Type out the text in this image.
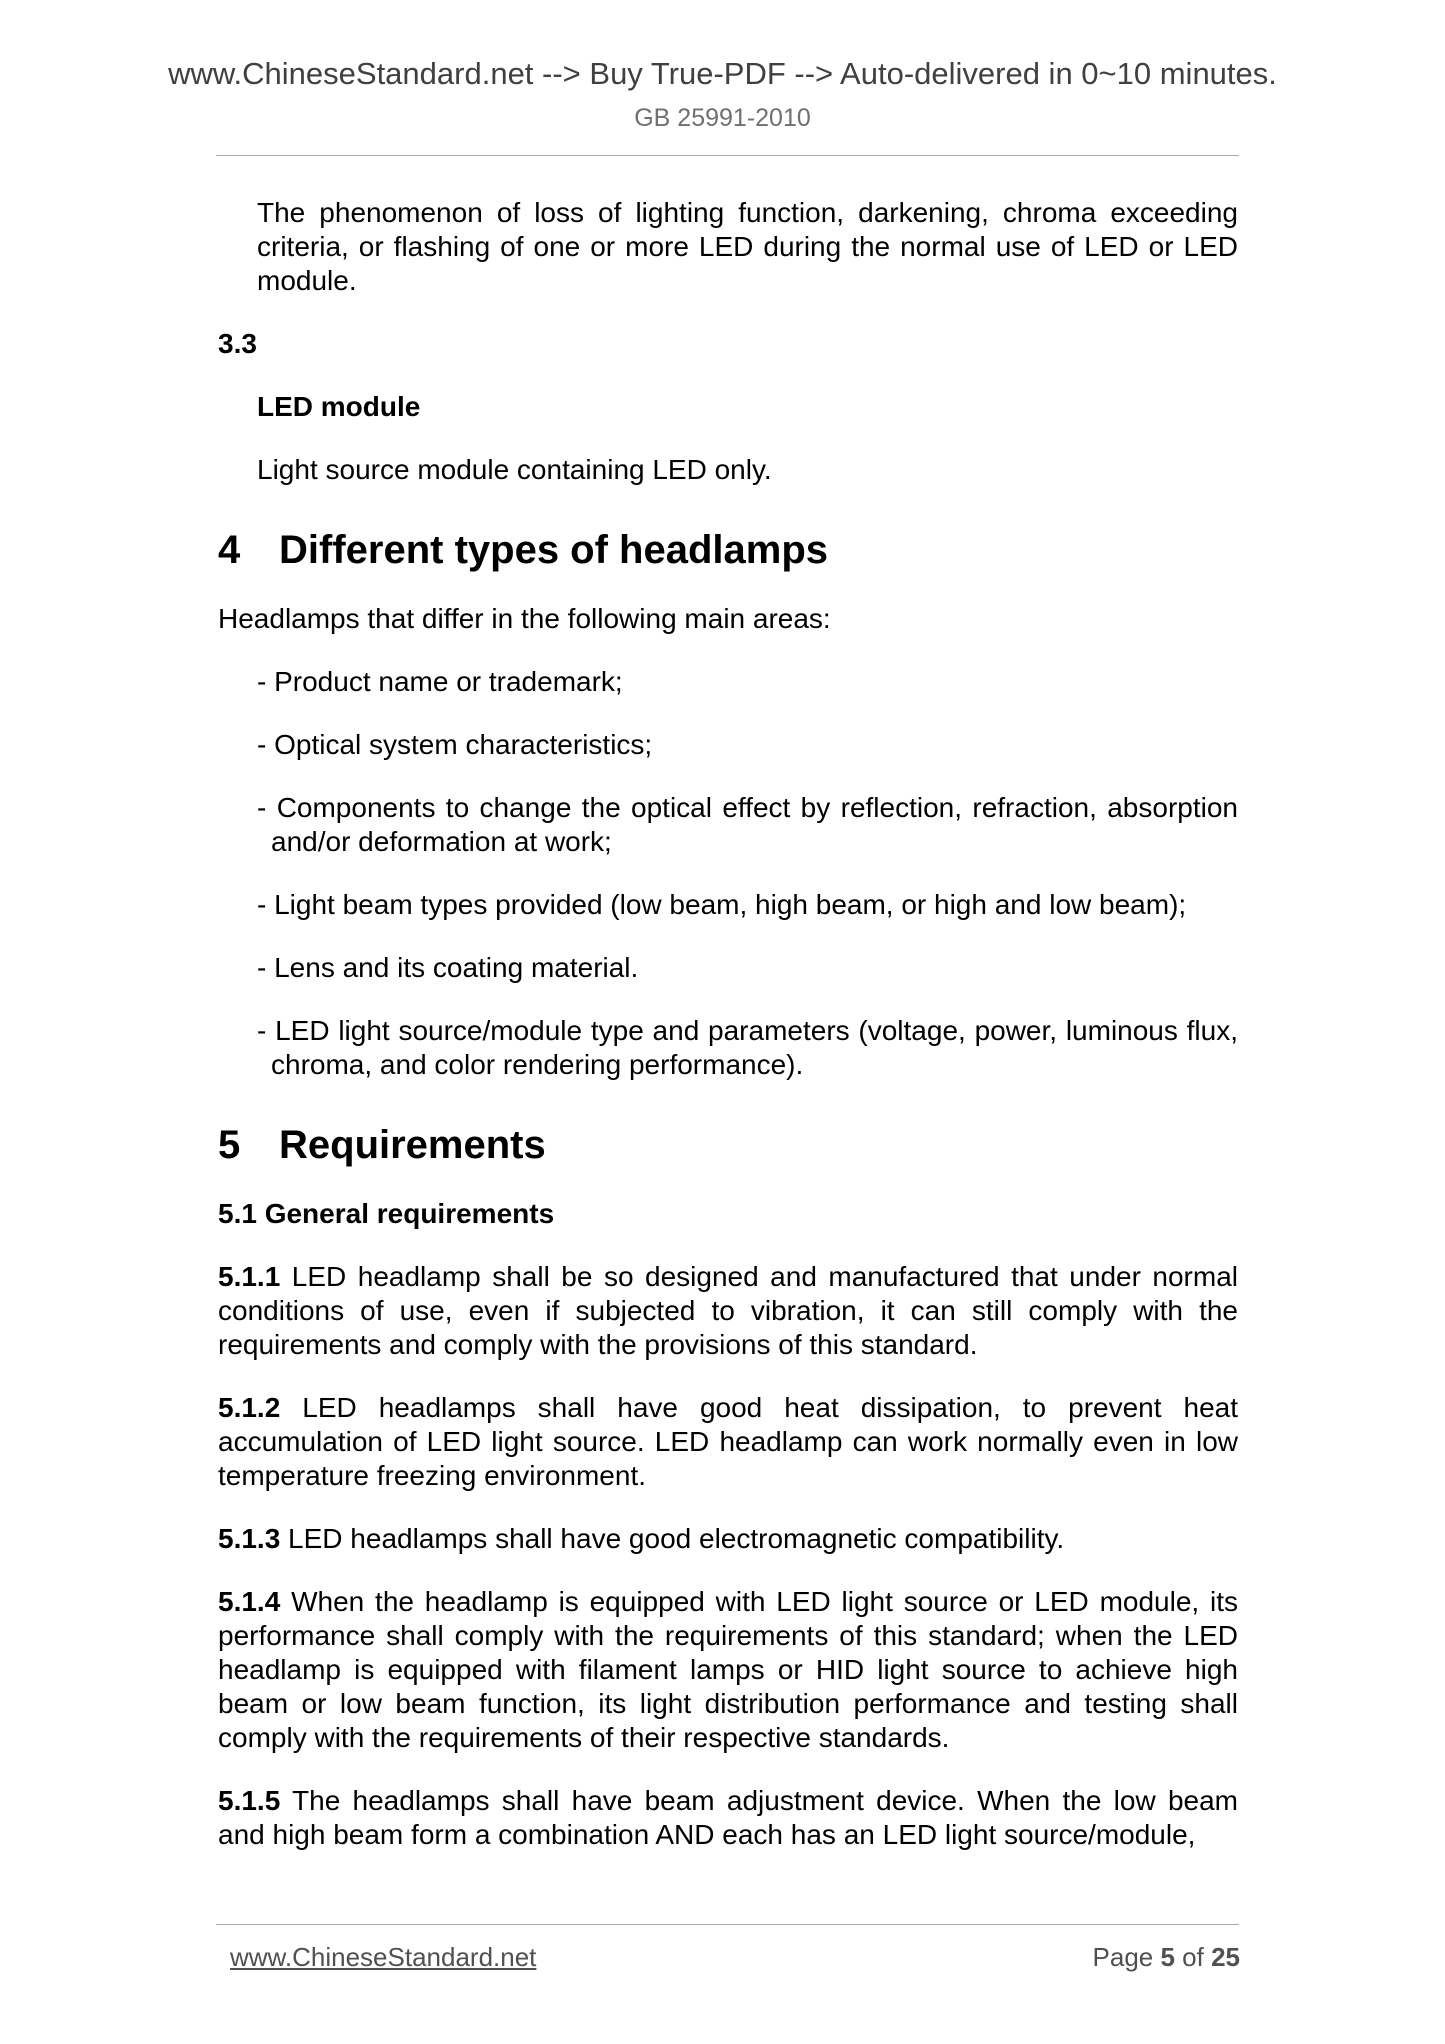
www.ChineseStandard.net --> Buy True-PDF --> Auto-delivered in 0~10 minutes.
GB 25991-2010

The phenomenon of loss of lighting function, darkening, chroma exceeding criteria, or flashing of one or more LED during the normal use of LED or LED module.

3.3

LED module

Light source module containing LED only.

4 Different types of headlamps

Headlamps that differ in the following main areas:

- Product name or trademark;

- Optical system characteristics;

- Components to change the optical effect by reflection, refraction, absorption and/or deformation at work;

- Light beam types provided (low beam, high beam, or high and low beam);

- Lens and its coating material.

- LED light source/module type and parameters (voltage, power, luminous flux, chroma, and color rendering performance).

5 Requirements

5.1 General requirements

5.1.1 LED headlamp shall be so designed and manufactured that under normal conditions of use, even if subjected to vibration, it can still comply with the requirements and comply with the provisions of this standard.

5.1.2 LED headlamps shall have good heat dissipation, to prevent heat accumulation of LED light source. LED headlamp can work normally even in low temperature freezing environment.

5.1.3 LED headlamps shall have good electromagnetic compatibility.

5.1.4 When the headlamp is equipped with LED light source or LED module, its performance shall comply with the requirements of this standard; when the LED headlamp is equipped with filament lamps or HID light source to achieve high beam or low beam function, its light distribution performance and testing shall comply with the requirements of their respective standards.

5.1.5 The headlamps shall have beam adjustment device. When the low beam and high beam form a combination AND each has an LED light source/module,

www.ChineseStandard.net	Page 5 of 25
